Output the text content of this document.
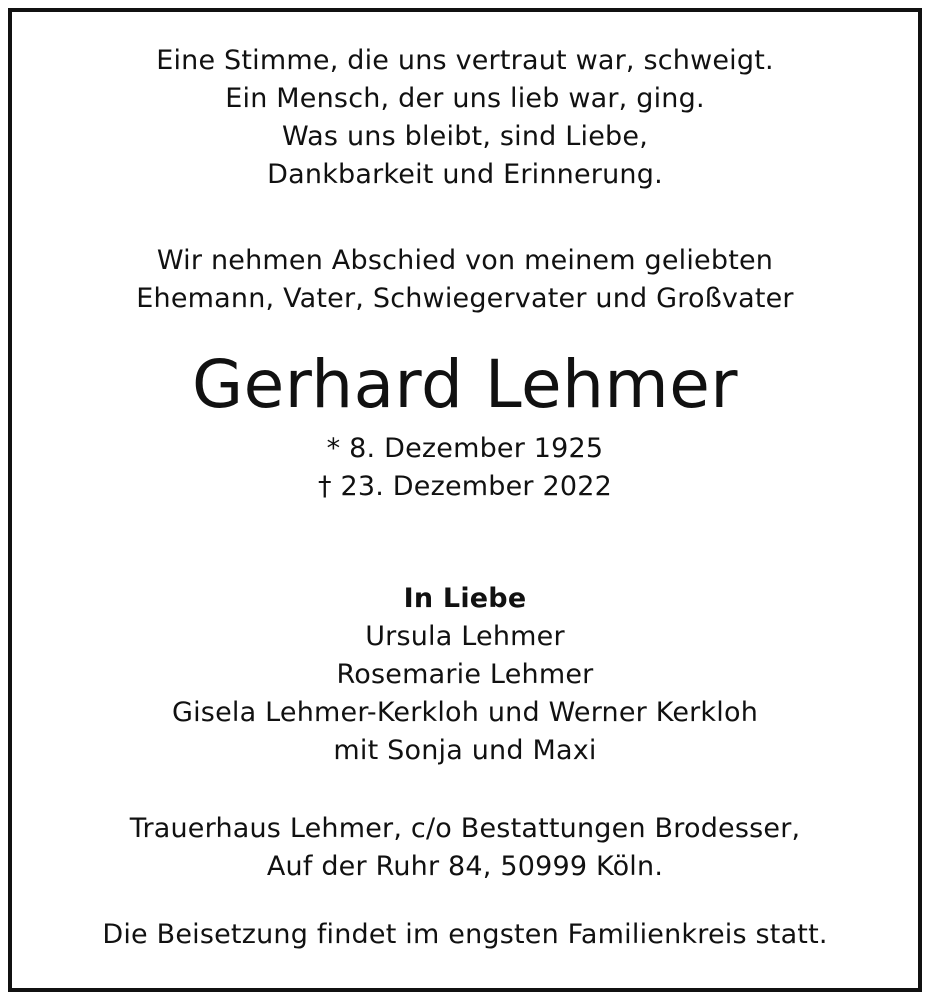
Eine Stimme, die uns vertraut war, schweigt.
Ein Mensch, der uns lieb war, ging.
Was uns bleibt, sind Liebe,
Dankbarkeit und Erinnerung.
Wir nehmen Abschied von meinem geliebten
Ehemann, Vater, Schwiegervater und Großvater
Gerhard Lehmer
* 8. Dezember 1925
† 23. Dezember 2022
In Liebe
Ursula Lehmer
Rosemarie Lehmer
Gisela Lehmer-Kerkloh und Werner Kerkloh
mit Sonja und Maxi
Trauerhaus Lehmer, c/o Bestattungen Brodesser,
Auf der Ruhr 84, 50999 Köln.
Die Beisetzung findet im engsten Familienkreis statt.
